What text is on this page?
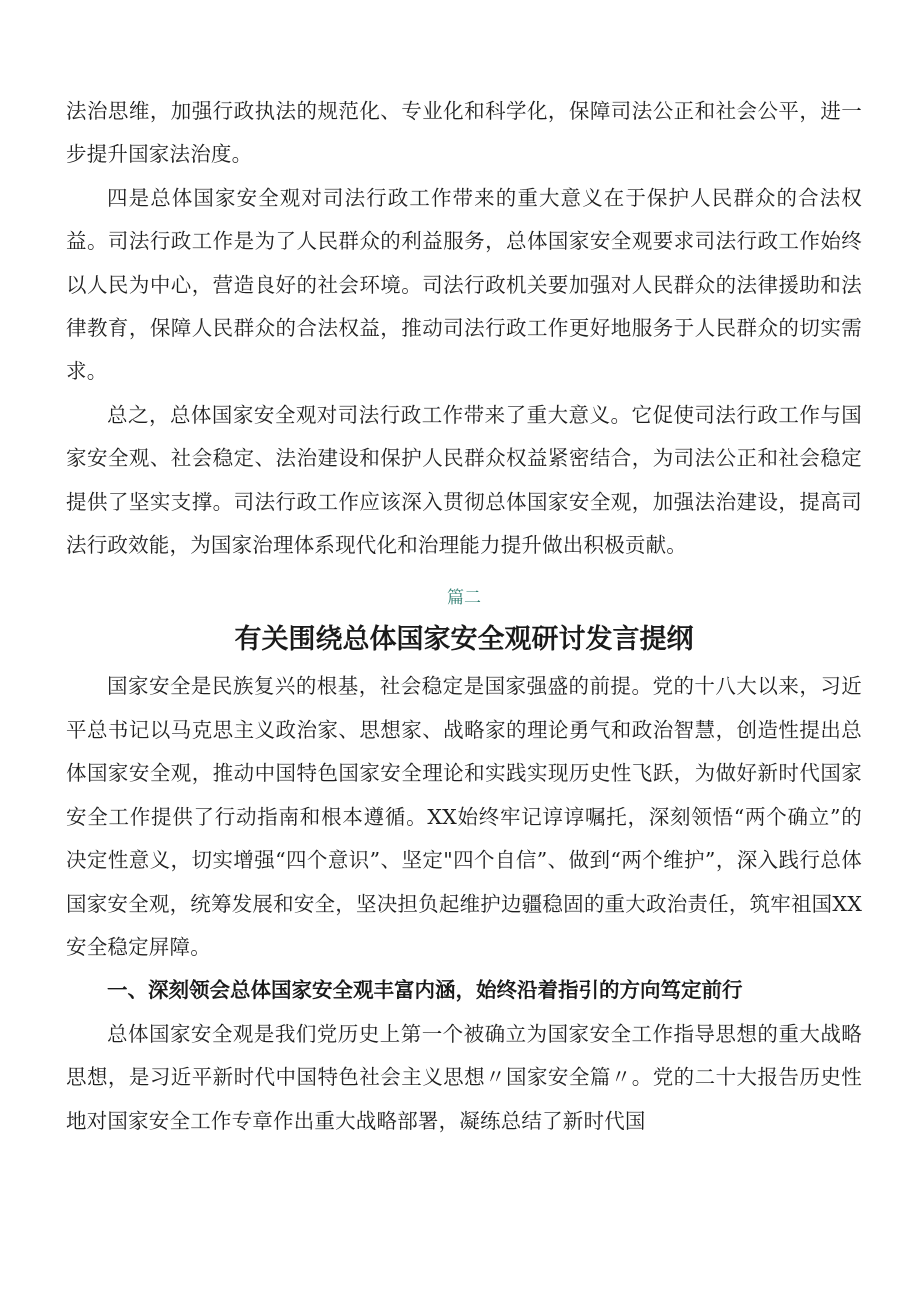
法治思维，加强行政执法的规范化、专业化和科学化，保障司法公正和社会公平，进一步提升国家法治度。

四是总体国家安全观对司法行政工作带来的重大意义在于保护人民群众的合法权益。司法行政工作是为了人民群众的利益服务，总体国家安全观要求司法行政工作始终以人民为中心，营造良好的社会环境。司法行政机关要加强对人民群众的法律援助和法律教育，保障人民群众的合法权益，推动司法行政工作更好地服务于人民群众的切实需求。

总之，总体国家安全观对司法行政工作带来了重大意义。它促使司法行政工作与国家安全观、社会稳定、法治建设和保护人民群众权益紧密结合，为司法公正和社会稳定提供了坚实支撑。司法行政工作应该深入贯彻总体国家安全观，加强法治建设，提高司法行政效能，为国家治理体系现代化和治理能力提升做出积极贡献。

篇二
有关围绕总体国家安全观研讨发言提纲

国家安全是民族复兴的根基，社会稳定是国家强盛的前提。党的十八大以来，习近平总书记以马克思主义政治家、思想家、战略家的理论勇气和政治智慧，创造性提出总体国家安全观，推动中国特色国家安全理论和实践实现历史性飞跃，为做好新时代国家安全工作提供了行动指南和根本遵循。XX始终牢记谆谆嘱托，深刻领悟“两个确立”的决定性意义，切实增强“四个意识”、坚定"四个自信”、做到“两个维护”，深入践行总体国家安全观，统筹发展和安全，坚决担负起维护边疆稳固的重大政治责任，筑牢祖国XX安全稳定屏障。

一、深刻领会总体国家安全观丰富内涵，始终沿着指引的方向笃定前行

总体国家安全观是我们党历史上第一个被确立为国家安全工作指导思想的重大战略思想，是习近平新时代中国特色社会主义思想〃国家安全篇〃。党的二十大报告历史性地对国家安全工作专章作出重大战略部署，凝练总结了新时代国
